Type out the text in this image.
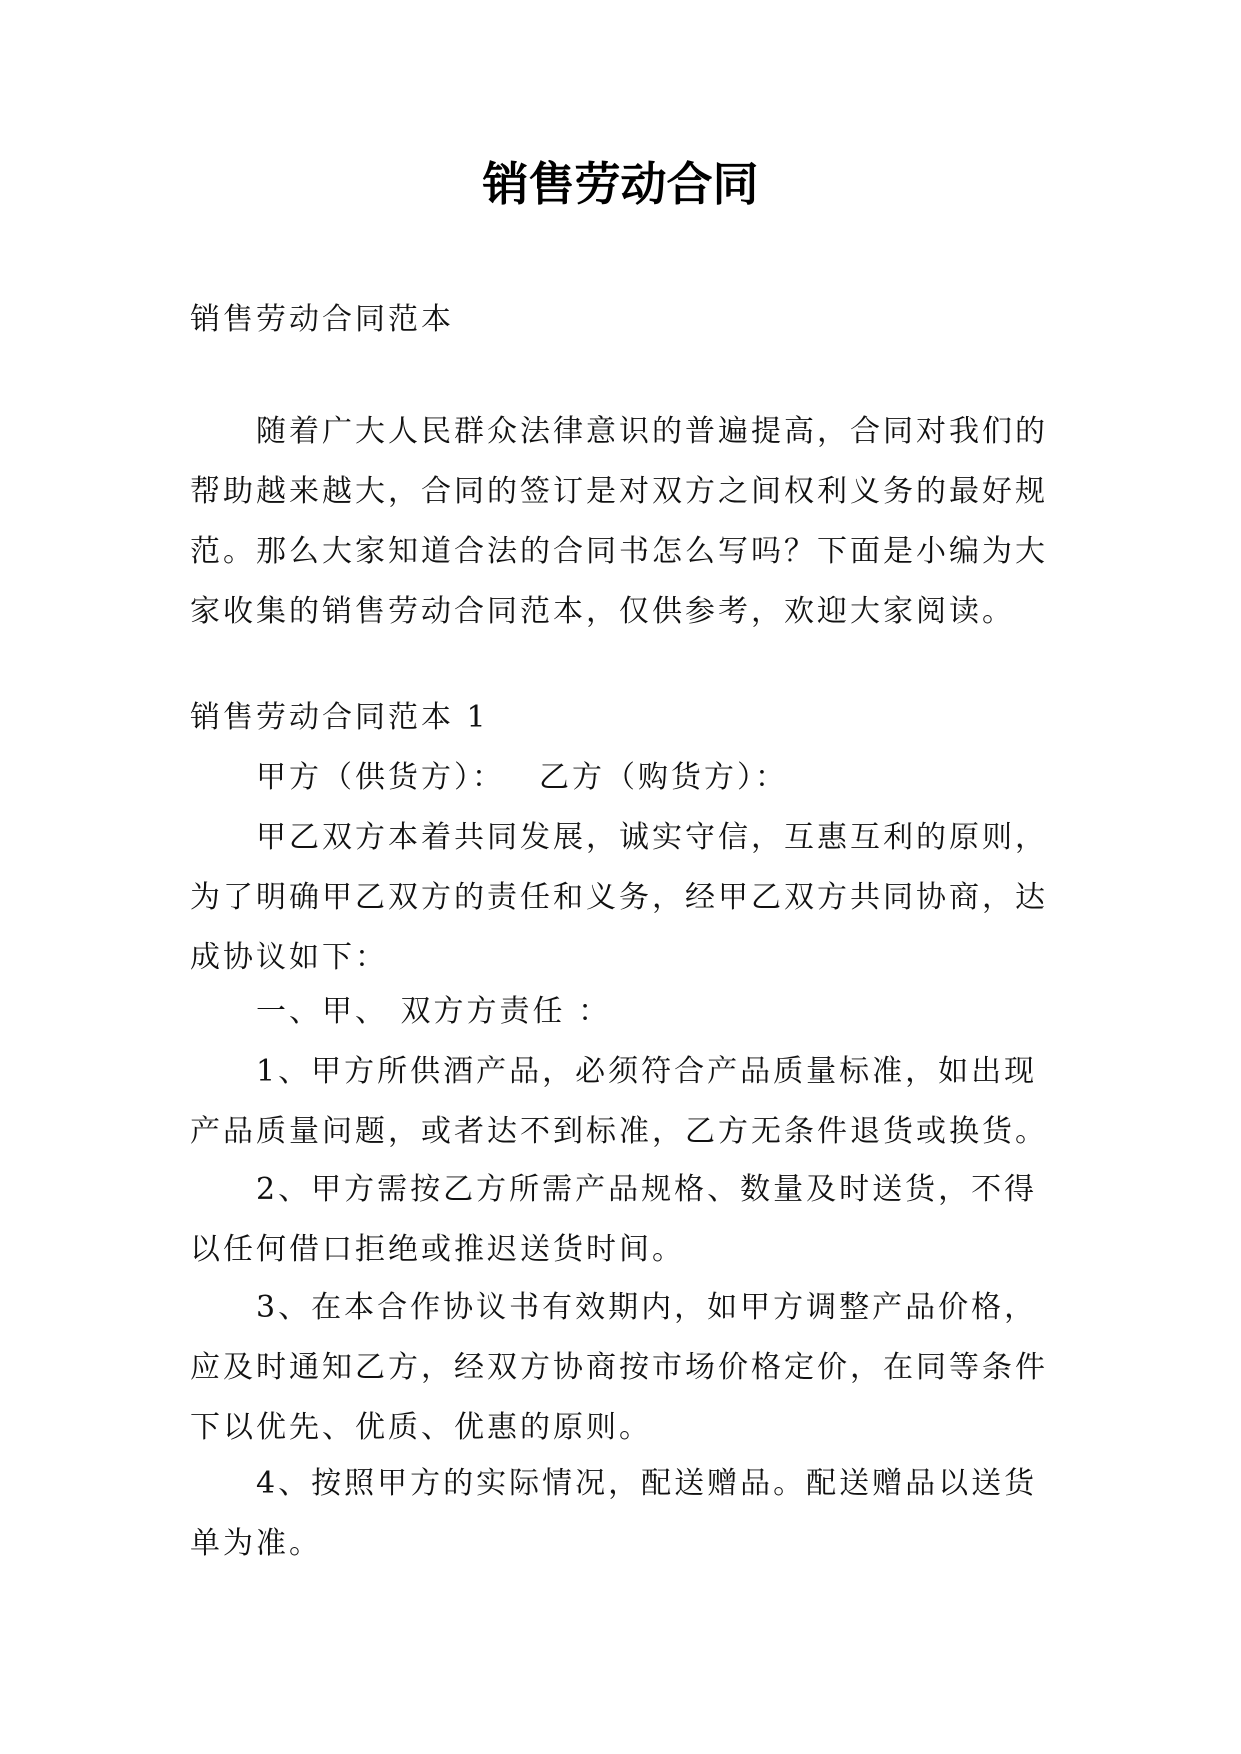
销售劳动合同

销售劳动合同范本

随着广大人民群众法律意识的普遍提高，合同对我们的帮助越来越大，合同的签订是对双方之间权利义务的最好规范。那么大家知道合法的合同书怎么写吗？下面是小编为大家收集的销售劳动合同范本，仅供参考，欢迎大家阅读。

销售劳动合同范本 1

甲方（供货方）： 乙方（购货方）：

甲乙双方本着共同发展，诚实守信，互惠互利的原则，为了明确甲乙双方的责任和义务，经甲乙双方共同协商，达成协议如下：

一、甲、 双方方责任 ：

1、甲方所供酒产品，必须符合产品质量标准，如出现产品质量问题，或者达不到标准，乙方无条件退货或换货。

2、甲方需按乙方所需产品规格、数量及时送货，不得以任何借口拒绝或推迟送货时间。

3、在本合作协议书有效期内，如甲方调整产品价格，应及时通知乙方，经双方协商按市场价格定价，在同等条件下以优先、优质、优惠的原则。

4、按照甲方的实际情况，配送赠品。配送赠品以送货单为准。
